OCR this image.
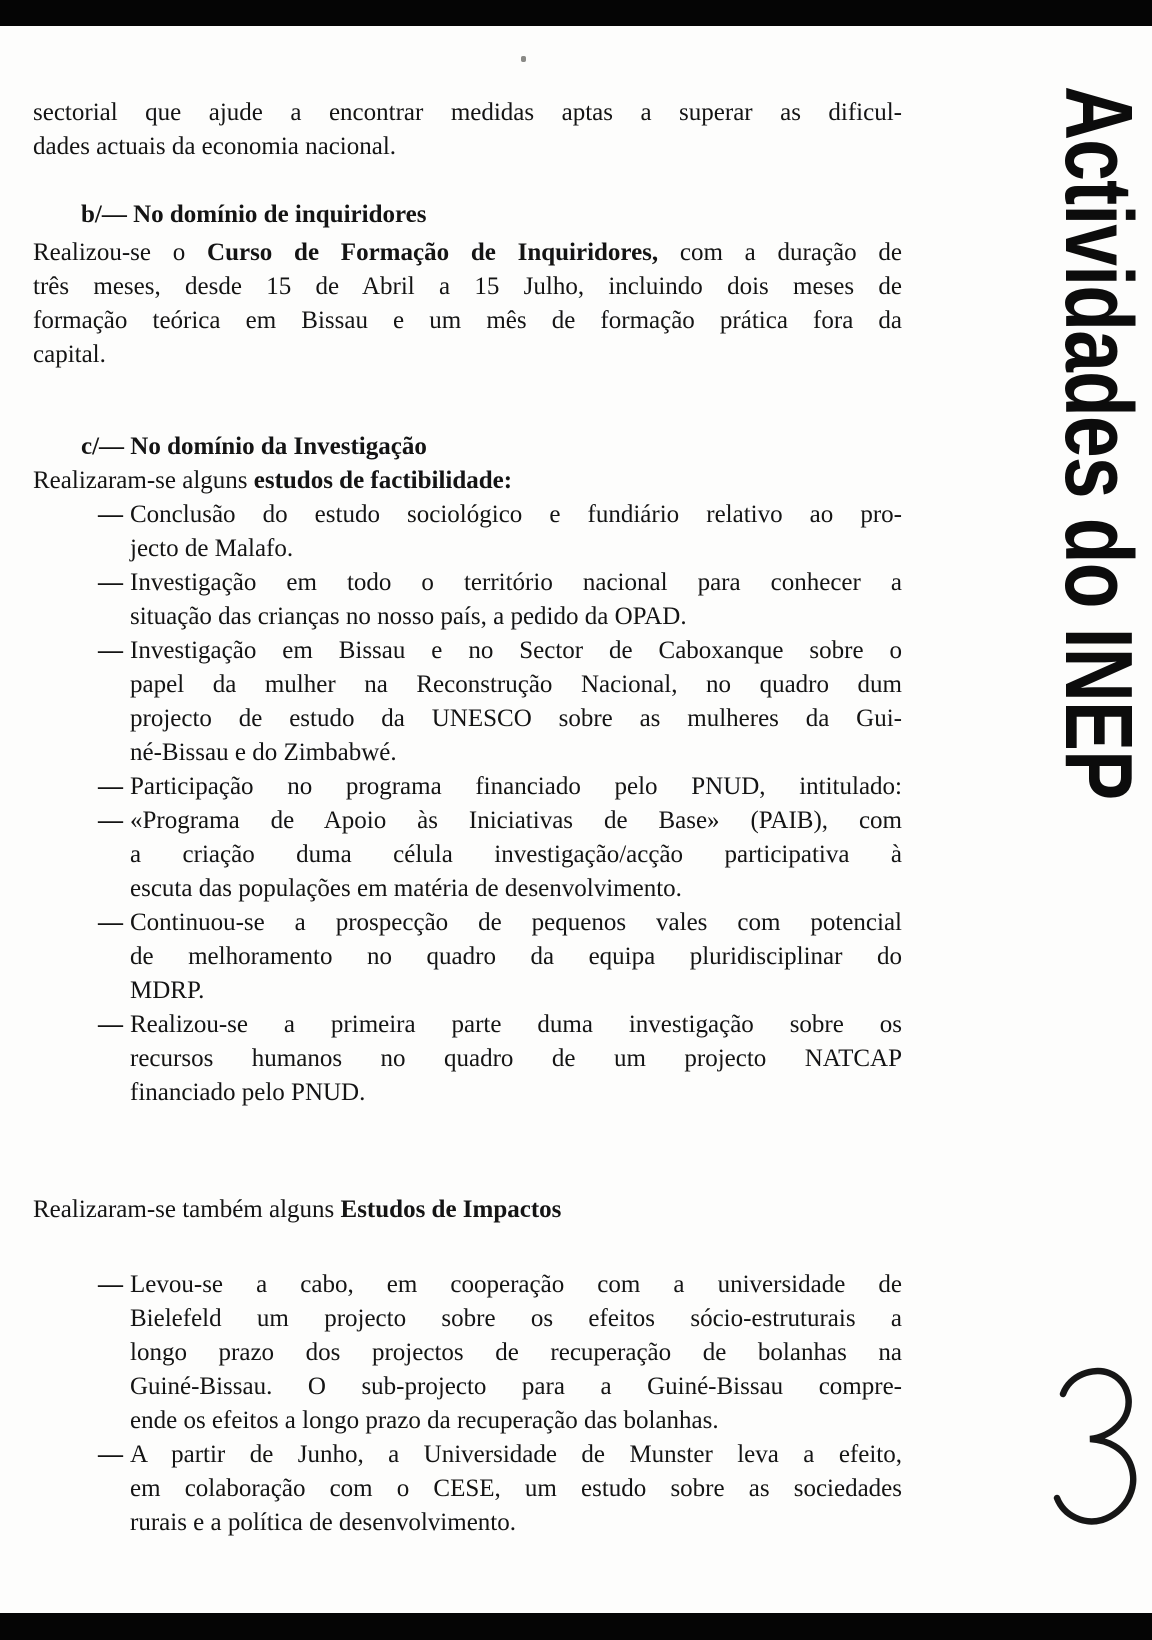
sectorial que ajude a encontrar medidas aptas a superar as dificul-
dades actuais da economia nacional.
b/— No domínio de inquiridores
Realizou-se o Curso de Formação de Inquiridores, com a duração de
três meses, desde 15 de Abril a 15 Julho, incluindo dois meses de
formação teórica em Bissau e um mês de formação prática fora da
capital.
c/— No domínio da Investigação
Realizaram-se alguns estudos de factibilidade:
— Conclusão do estudo sociológico e fundiário relativo ao pro-
jecto de Malafo.
— Investigação em todo o território nacional para conhecer a
situação das crianças no nosso país, a pedido da OPAD.
— Investigação em Bissau e no Sector de Caboxanque sobre o
papel da mulher na Reconstrução Nacional, no quadro dum
projecto de estudo da UNESCO sobre as mulheres da Gui-
né-Bissau e do Zimbabwé.
— Participação no programa financiado pelo PNUD, intitulado:
— «Programa de Apoio às Iniciativas de Base» (PAIB), com
a criação duma célula investigação/acção participativa à
escuta das populações em matéria de desenvolvimento.
— Continuou-se a prospecção de pequenos vales com potencial
de melhoramento no quadro da equipa pluridisciplinar do
MDRP.
— Realizou-se a primeira parte duma investigação sobre os
recursos humanos no quadro de um projecto NATCAP
financiado pelo PNUD.
Realizaram-se também alguns Estudos de Impactos
— Levou-se a cabo, em cooperação com a universidade de
Bielefeld um projecto sobre os efeitos sócio-estruturais a
longo prazo dos projectos de recuperação de bolanhas na
Guiné-Bissau. O sub-projecto para a Guiné-Bissau compre-
ende os efeitos a longo prazo da recuperação das bolanhas.
— A partir de Junho, a Universidade de Munster leva a efeito,
em colaboração com o CESE, um estudo sobre as sociedades
rurais e a política de desenvolvimento.
Actividades do INEP
